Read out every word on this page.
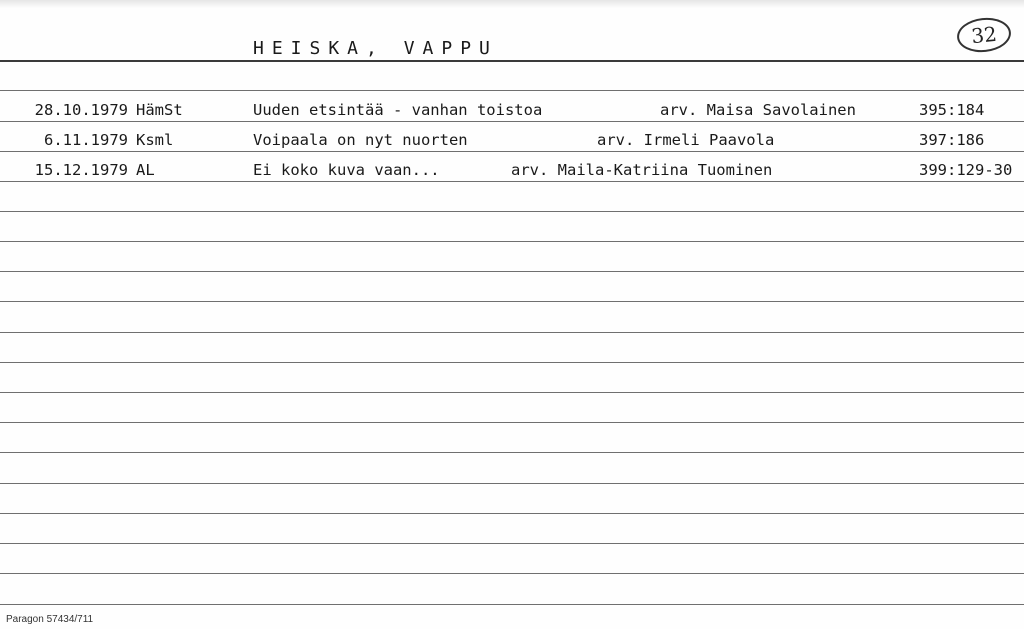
HEISKA, VAPPU
32
28.10.1979 HämSt	Uuden etsintää - vanhan toistoa	arv. Maisa Savolainen	395:184
6.11.1979 Ksml	Voipaala on nyt nuorten	arv. Irmeli Paavola	397:186
15.12.1979 AL	Ei koko kuva vaan...	arv. Maila-Katriina Tuominen	399:129-30
Paragon 57434/711
